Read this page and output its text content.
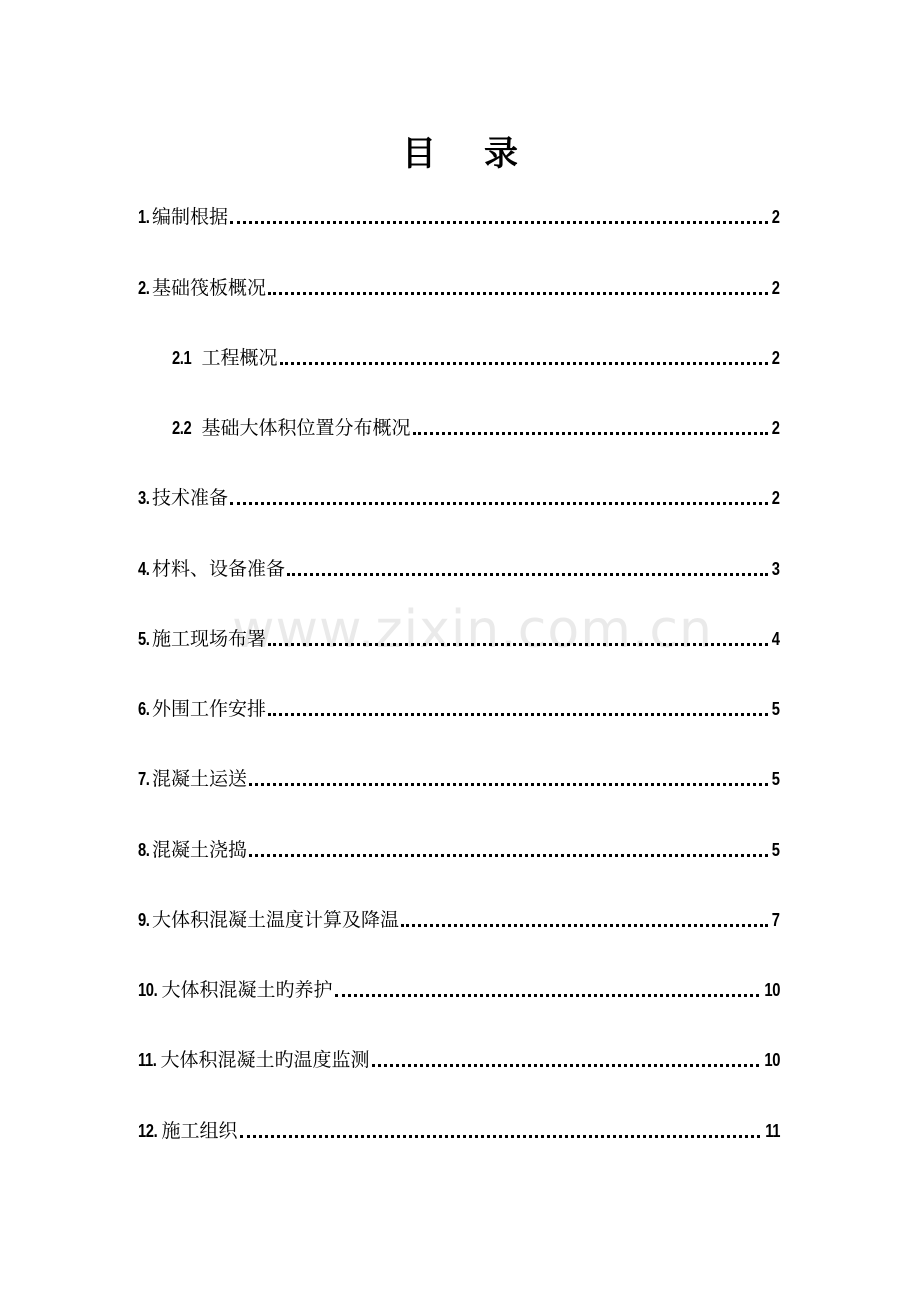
目 录
www.zixin.com.cn
1. 编制根据	2
2. 基础筏板概况	2
2.1 工程概况	2
2.2 基础大体积位置分布概况	2
3. 技术准备	2
4. 材料、设备准备	3
5. 施工现场布署	4
6. 外围工作安排	5
7. 混凝土运送	5
8. 混凝土浇捣	5
9. 大体积混凝土温度计算及降温	7
10. 大体积混凝土旳养护	10
11. 大体积混凝土旳温度监测	10
12. 施工组织	11
